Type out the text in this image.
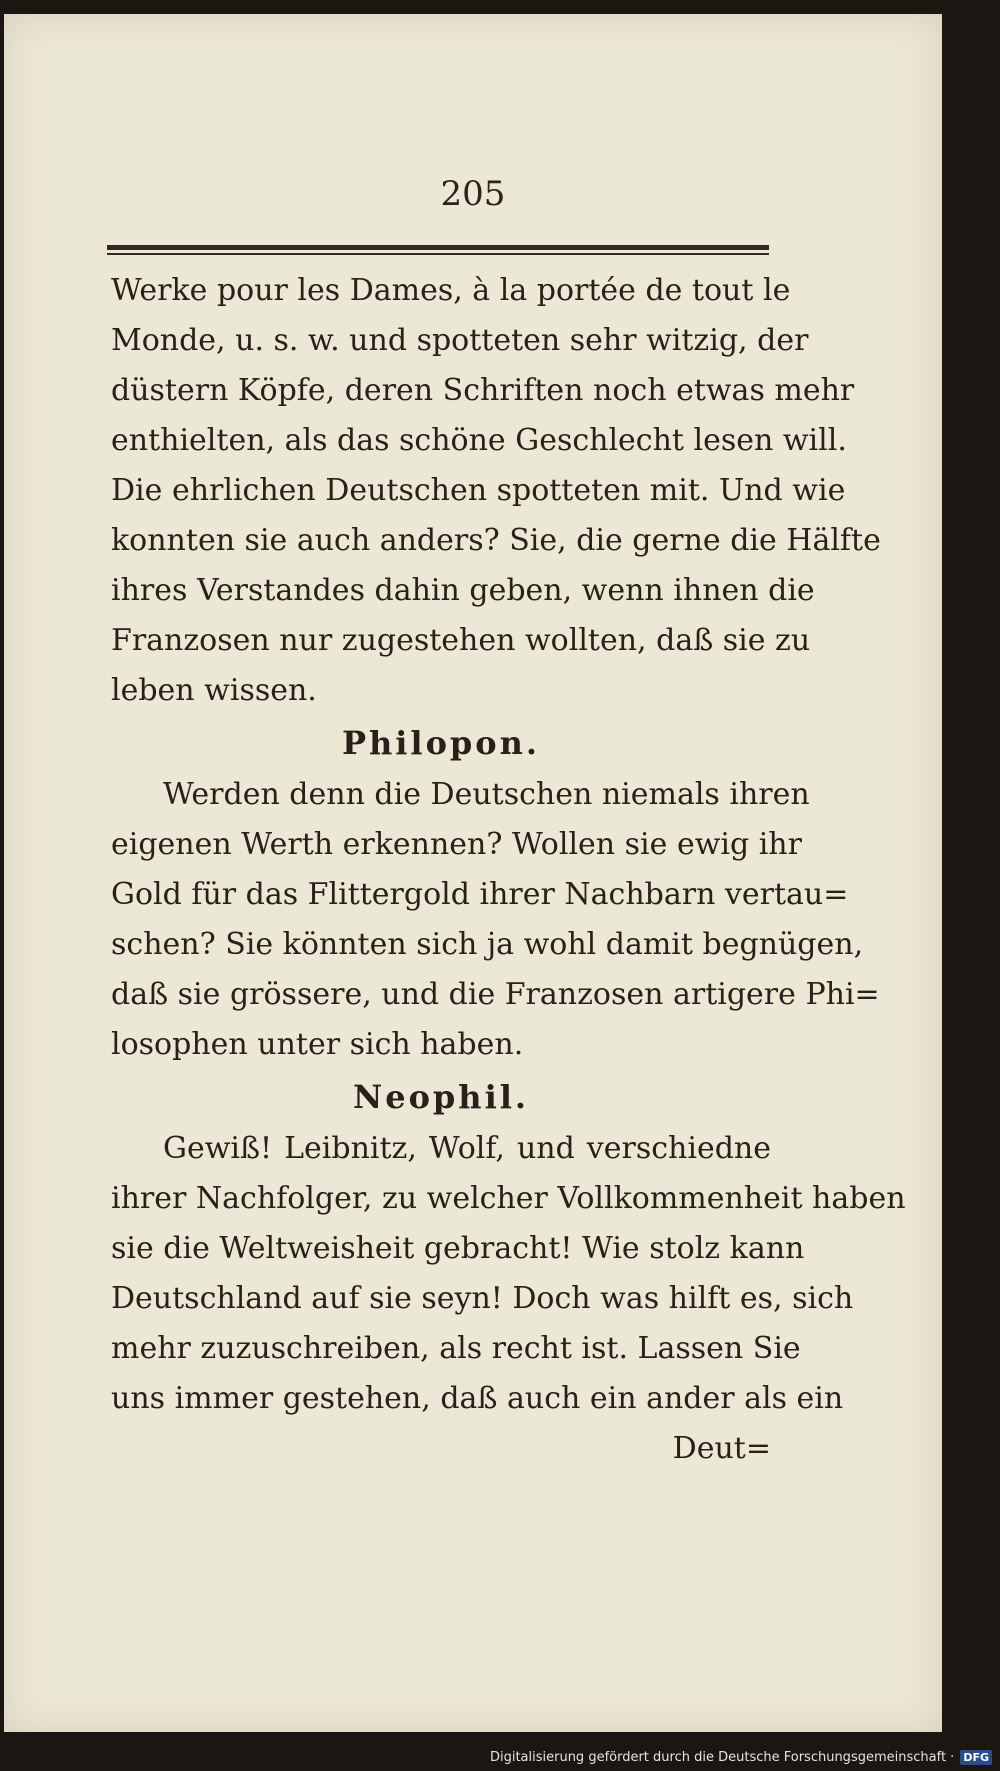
205
Werke pour les Dames, à la portée de tout le
Monde, u. s. w. und spotteten sehr witzig, der
düstern Köpfe, deren Schriften noch etwas mehr
enthielten, als das schöne Geschlecht lesen will.
Die ehrlichen Deutschen spotteten mit. Und wie
konnten sie auch anders? Sie, die gerne die Hälfte
ihres Verstandes dahin geben, wenn ihnen die
Franzosen nur zugestehen wollten, daß sie zu
leben wissen.
Philopon.
Werden denn die Deutschen niemals ihren
eigenen Werth erkennen? Wollen sie ewig ihr
Gold für das Flittergold ihrer Nachbarn vertau=
schen? Sie könnten sich ja wohl damit begnügen,
daß sie grössere, und die Franzosen artigere Phi=
losophen unter sich haben.
Neophil.
Gewiß! Leibnitz, Wolf, und verschiedne
ihrer Nachfolger, zu welcher Vollkommenheit haben
sie die Weltweisheit gebracht! Wie stolz kann
Deutschland auf sie seyn! Doch was hilft es, sich
mehr zuzuschreiben, als recht ist. Lassen Sie
uns immer gestehen, daß auch ein ander als ein
Deut=
Digitalisierung gefördert durch die Deutsche Forschungsgemeinschaft · DFG
